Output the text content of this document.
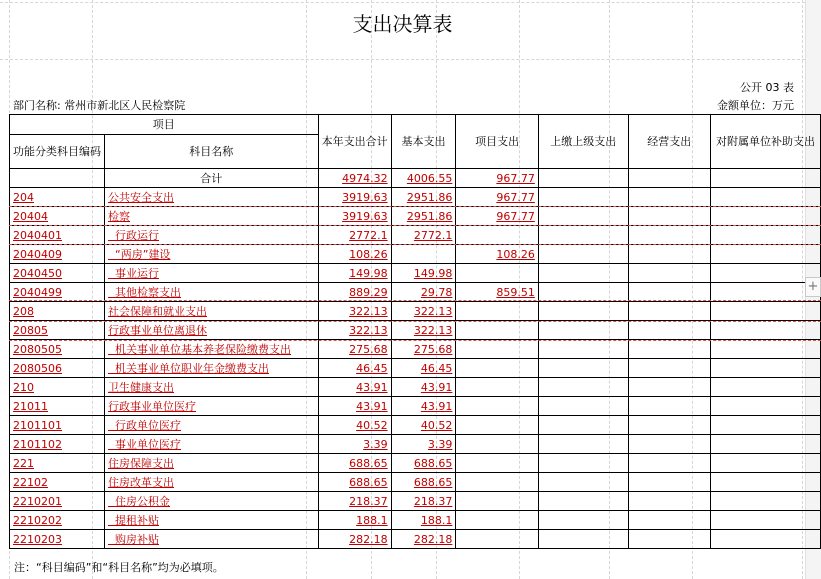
支出决算表
公开 03 表
部门名称: 常州市新北区人民检察院	金额单位：万元
项目		本年支出合计	基本支出	项目支出	上缴上级支出	经营支出	对附属单位补助支出
功能分类科目编码	科目名称						
	合计	4974.32	4006.55	967.77			
204	公共安全支出	3919.63	2951.86	967.77			
20404	检察	3919.63	2951.86	967.77			
2040401	行政运行	2772.1	2772.1				
2040409	“两房”建设	108.26		108.26			
2040450	事业运行	149.98	149.98				
2040499	其他检察支出	889.29	29.78	859.51			
208	社会保障和就业支出	322.13	322.13				
20805	行政事业单位离退休	322.13	322.13				
2080505	机关事业单位基本养老保险缴费支出	275.68	275.68				
2080506	机关事业单位职业年金缴费支出	46.45	46.45				
210	卫生健康支出	43.91	43.91				
21011	行政事业单位医疗	43.91	43.91				
2101101	行政单位医疗	40.52	40.52				
2101102	事业单位医疗	3.39	3.39				
221	住房保障支出	688.65	688.65				
22102	住房改革支出	688.65	688.65				
2210201	住房公积金	218.37	218.37				
2210202	提租补贴	188.1	188.1				
2210203	购房补贴	282.18	282.18				
注：“科目编码”和“科目名称”均为必填项。
+
